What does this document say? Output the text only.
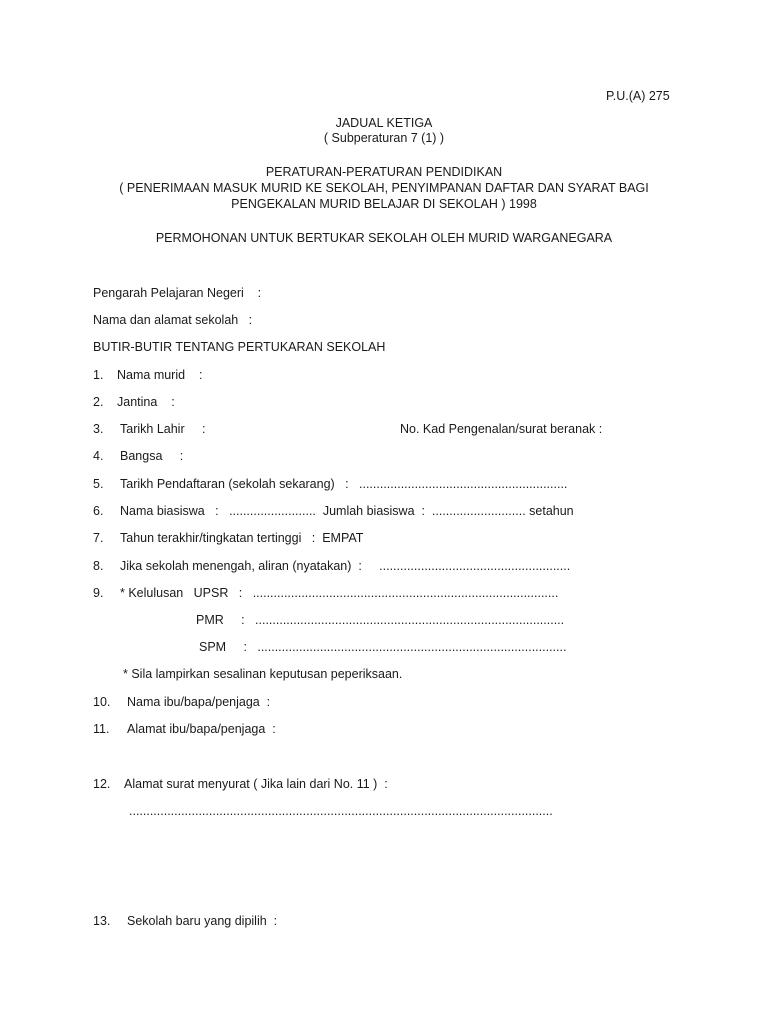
P.U.(A) 275
JADUAL KETIGA
( Subperaturan 7 (1) )
PERATURAN-PERATURAN PENDIDIKAN
( PENERIMAAN MASUK MURID KE SEKOLAH, PENYIMPANAN DAFTAR DAN SYARAT BAGI
PENGEKALAN MURID BELAJAR DI SEKOLAH ) 1998
PERMOHONAN UNTUK BERTUKAR SEKOLAH OLEH MURID WARGANEGARA
Pengarah Pelajaran Negeri    :
Nama dan alamat sekolah   :
BUTIR-BUTIR TENTANG PERTUKARAN SEKOLAH
1. Nama murid    :
2. Jantina    :
3. Tarikh Lahir     :	No. Kad Pengenalan/surat beranak :
4. Bangsa     :
5. Tarikh Pendaftaran (sekolah sekarang)   :   ............................................................
6. Nama biasiswa   :   .........................  Jumlah biasiswa  :  ........................... setahun
7. Tahun terakhir/tingkatan tertinggi   :  EMPAT
8. Jika sekolah menengah, aliran (nyatakan)  :     .......................................................
9. * Kelulusan   UPSR   :   ........................................................................................
PMR     :   .........................................................................................
SPM     :   .........................................................................................
* Sila lampirkan sesalinan keputusan peperiksaan.
10. Nama ibu/bapa/penjaga  :
11. Alamat ibu/bapa/penjaga  :
12. Alamat surat menyurat ( Jika lain dari No. 11 )  :
..........................................................................................................................
13. Sekolah baru yang dipilih  :
